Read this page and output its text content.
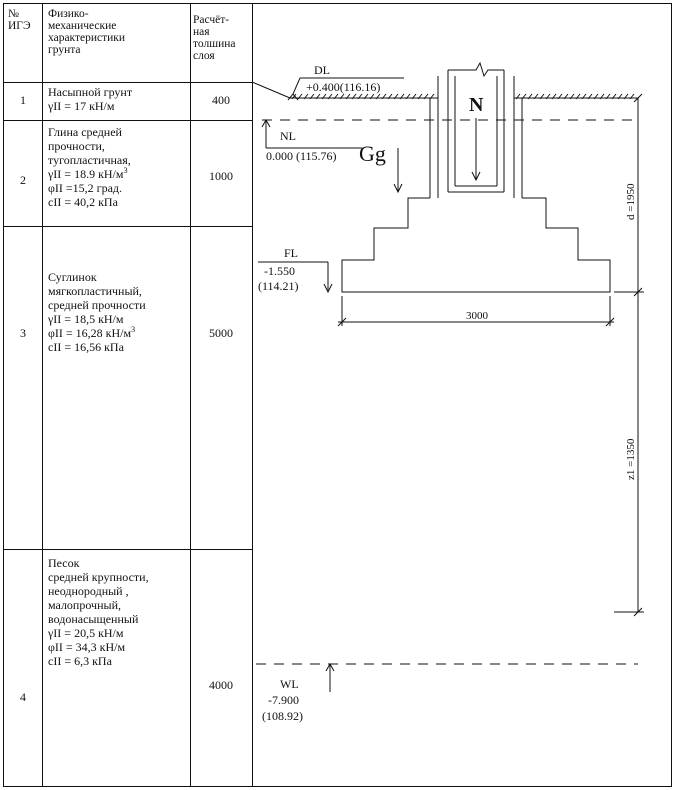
DL
+0.400(116.16)
NL
0.000 (115.76) Gg
N
FL
-1.550
(114.21)
3000
d =1950
z1 =1350
WL
-7.900
(108.92)
№
ИГЭ
Физико-
механические
характеристики
грунта
Расчёт-
ная
толшина
слоя
1
Насыпной грунт
γII = 17 кН/м	400
2
Глина средней
прочности,
тугопластичная,
γII = 18.9 $кН/м^3$
φII =15,2 град.
cII = 40,2 кПа
1000
3
Суглинок
мягкопластичный,
средней прочности
γII = 18,5 кН/м
φII = 16,28 $кН/м^3$
cII = 16,56 кПа
5000
4
Песок
средней крупности,
неоднородный ,
малопрочный,
водонасыщенный
γII = 20,5 кН/м
φII = 34,3 кН/м
cII = 6,3 кПа
4000
